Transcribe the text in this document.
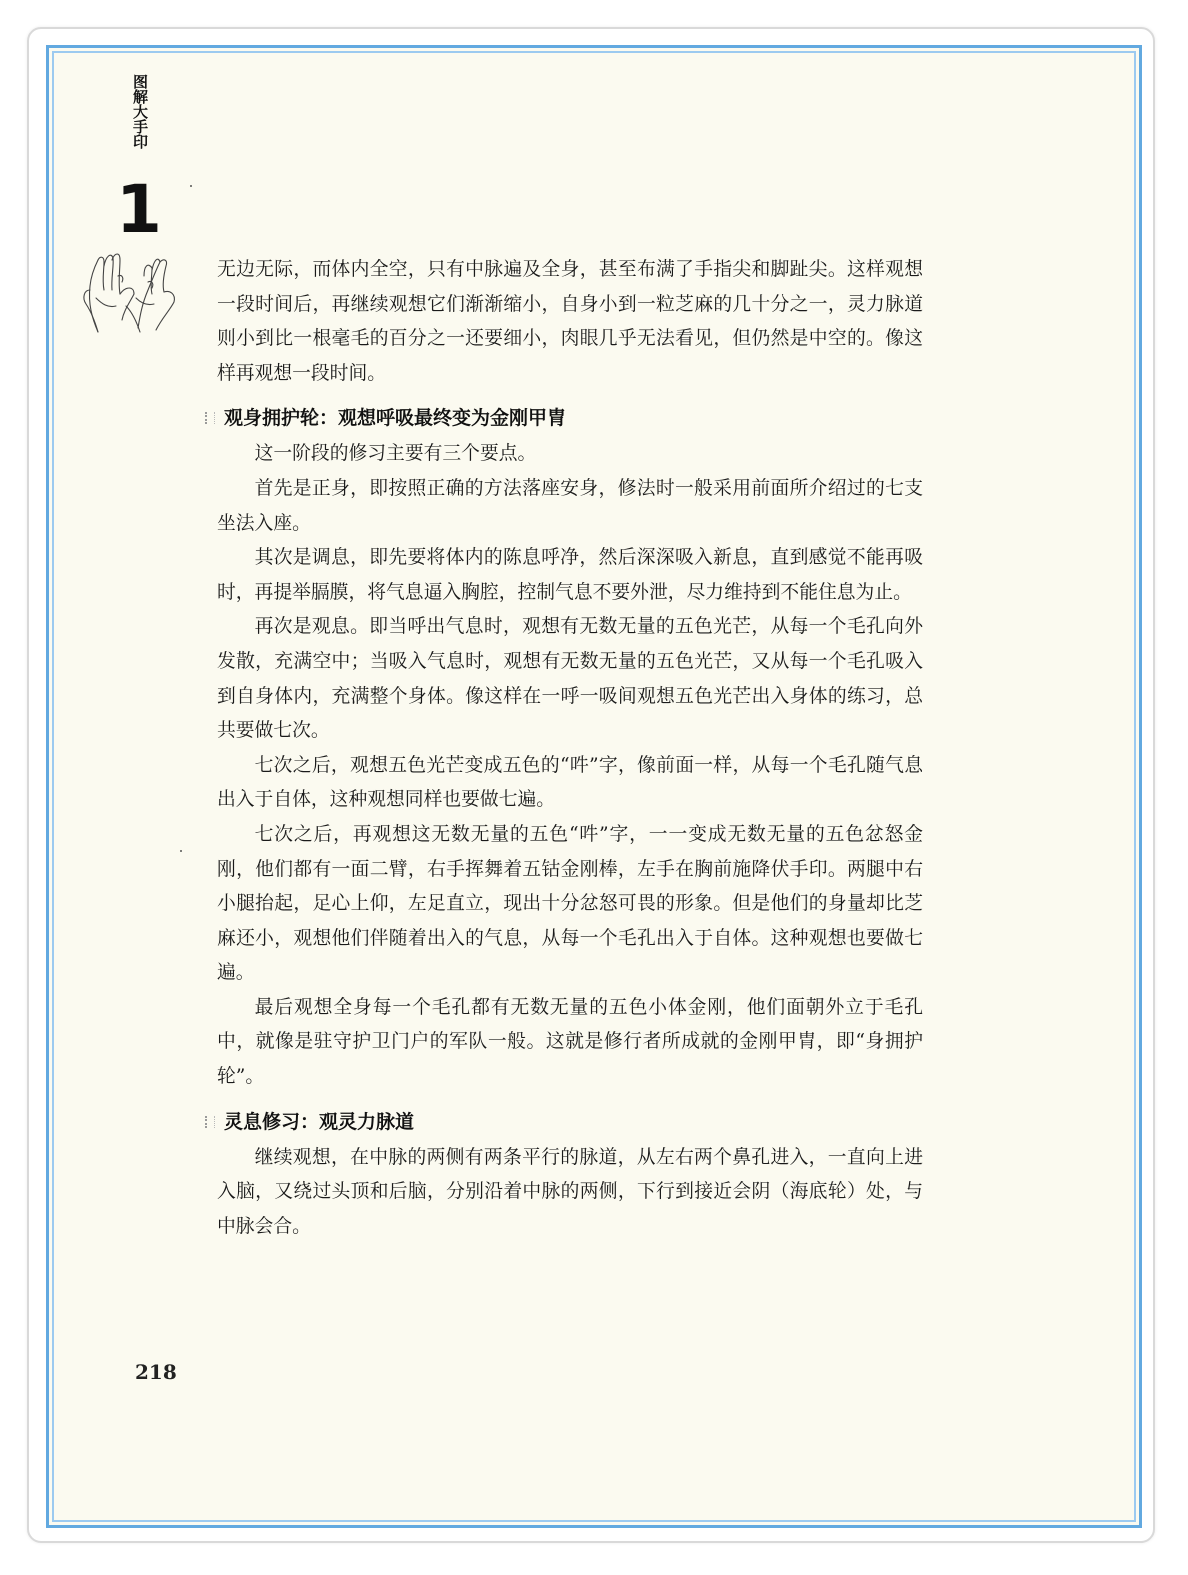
图解大手印
1

无边无际，而体内全空，只有中脉遍及全身，甚至布满了手指尖和脚趾尖。这样观想一段时间后，再继续观想它们渐渐缩小，自身小到一粒芝麻的几十分之一，灵力脉道则小到比一根毫毛的百分之一还要细小，肉眼几乎无法看见，但仍然是中空的。像这样再观想一段时间。

观身拥护轮：观想呼吸最终变为金刚甲胄

这一阶段的修习主要有三个要点。

首先是正身，即按照正确的方法落座安身，修法时一般采用前面所介绍过的七支坐法入座。

其次是调息，即先要将体内的陈息呼净，然后深深吸入新息，直到感觉不能再吸时，再提举膈膜，将气息逼入胸腔，控制气息不要外泄，尽力维持到不能住息为止。

再次是观息。即当呼出气息时，观想有无数无量的五色光芒，从每一个毛孔向外发散，充满空中；当吸入气息时，观想有无数无量的五色光芒，又从每一个毛孔吸入到自身体内，充满整个身体。像这样在一呼一吸间观想五色光芒出入身体的练习，总共要做七次。

七次之后，观想五色光芒变成五色的“吽”字，像前面一样，从每一个毛孔随气息出入于自体，这种观想同样也要做七遍。

七次之后，再观想这无数无量的五色“吽”字，一一变成无数无量的五色忿怒金刚，他们都有一面二臂，右手挥舞着五钴金刚棒，左手在胸前施降伏手印。两腿中右小腿抬起，足心上仰，左足直立，现出十分忿怒可畏的形象。但是他们的身量却比芝麻还小，观想他们伴随着出入的气息，从每一个毛孔出入于自体。这种观想也要做七遍。

最后观想全身每一个毛孔都有无数无量的五色小体金刚，他们面朝外立于毛孔中，就像是驻守护卫门户的军队一般。这就是修行者所成就的金刚甲胄，即“身拥护轮”。

灵息修习：观灵力脉道

继续观想，在中脉的两侧有两条平行的脉道，从左右两个鼻孔进入，一直向上进入脑，又绕过头顶和后脑，分别沿着中脉的两侧，下行到接近会阴（海底轮）处，与中脉会合。

218
